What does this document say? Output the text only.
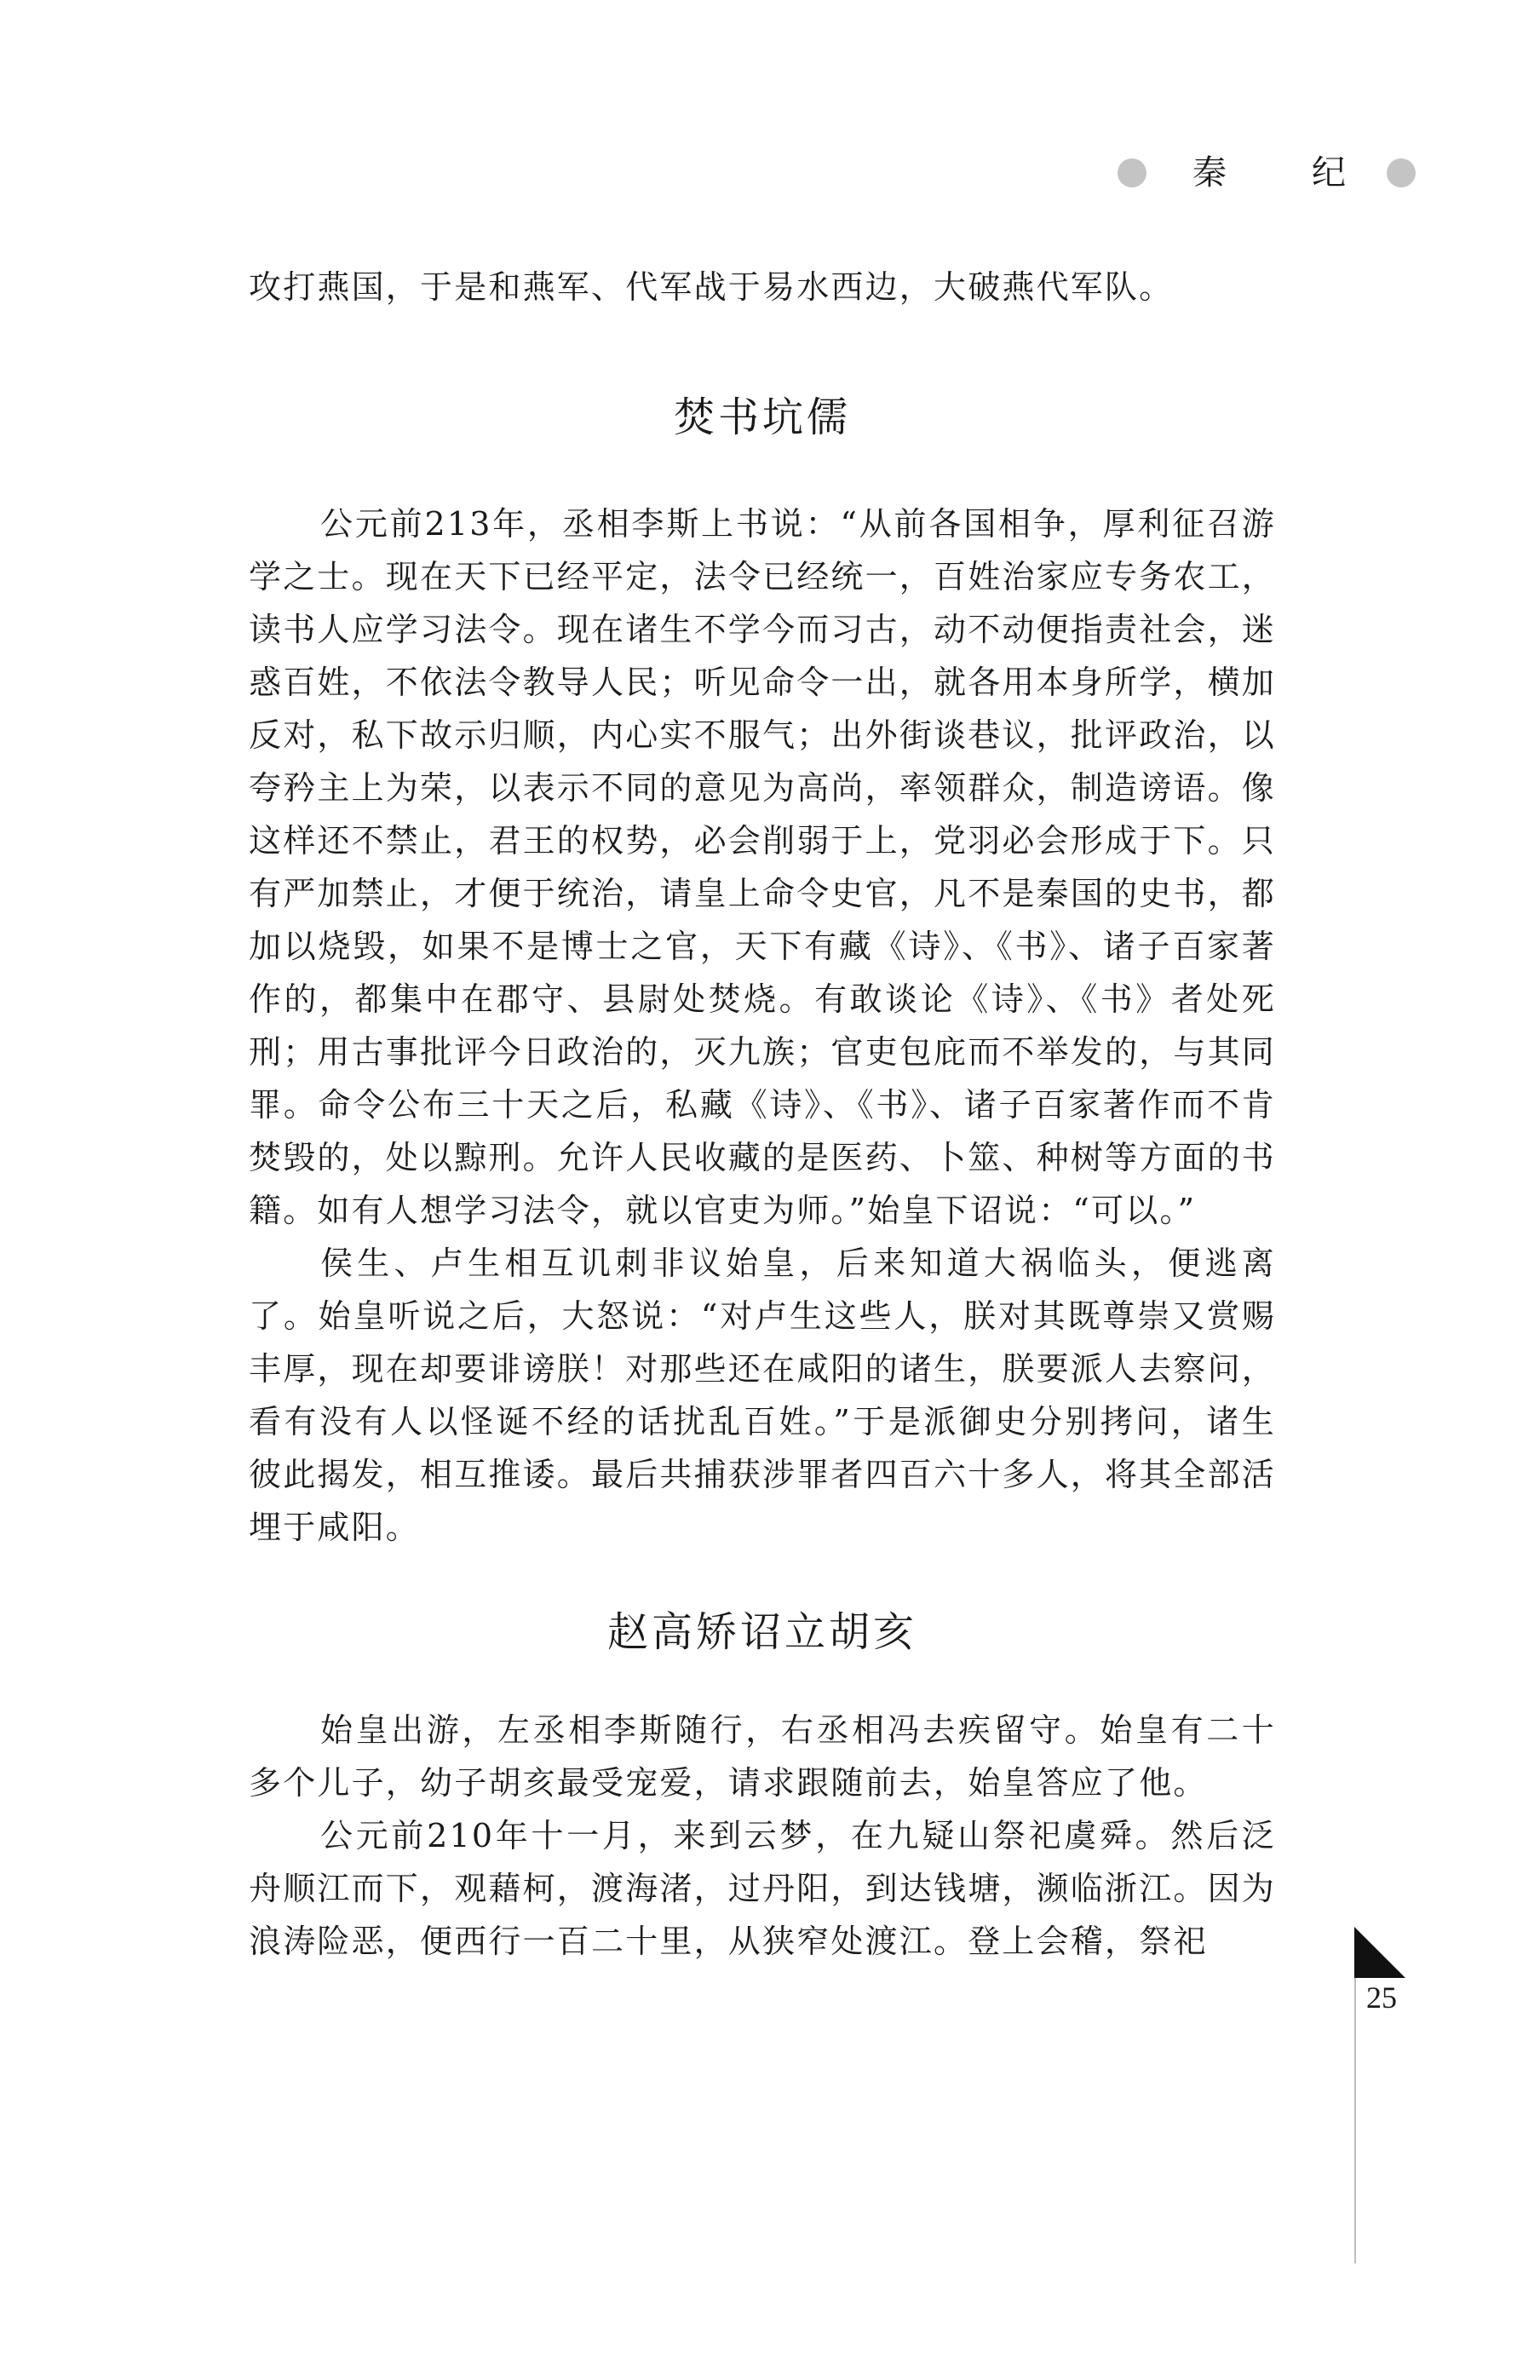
秦	纪

攻打燕国，于是和燕军、代军战于易水西边，大破燕代军队。

焚书坑儒

公元前213年，丞相李斯上书说：“从前各国相争，厚利征召游学之士。现在天下已经平定，法令已经统一，百姓治家应专务农工，读书人应学习法令。现在诸生不学今而习古，动不动便指责社会，迷惑百姓，不依法令教导人民；听见命令一出，就各用本身所学，横加反对，私下故示归顺，内心实不服气；出外街谈巷议，批评政治，以夸矜主上为荣，以表示不同的意见为高尚，率领群众，制造谤语。像这样还不禁止，君王的权势，必会削弱于上，党羽必会形成于下。只有严加禁止，才便于统治，请皇上命令史官，凡不是秦国的史书，都加以烧毁，如果不是博士之官，天下有藏《诗》、《书》、诸子百家著作的，都集中在郡守、县尉处焚烧。有敢谈论《诗》、《书》者处死刑；用古事批评今日政治的，灭九族；官吏包庇而不举发的，与其同罪。命令公布三十天之后，私藏《诗》、《书》、诸子百家著作而不肯焚毁的，处以黥刑。允许人民收藏的是医药、卜筮、种树等方面的书籍。如有人想学习法令，就以官吏为师。”始皇下诏说：“可以。”

侯生、卢生相互讥刺非议始皇，后来知道大祸临头，便逃离了。始皇听说之后，大怒说：“对卢生这些人，朕对其既尊崇又赏赐丰厚，现在却要诽谤朕！对那些还在咸阳的诸生，朕要派人去察问，看有没有人以怪诞不经的话扰乱百姓。”于是派御史分别拷问，诸生彼此揭发，相互推诿。最后共捕获涉罪者四百六十多人，将其全部活埋于咸阳。

赵高矫诏立胡亥

始皇出游，左丞相李斯随行，右丞相冯去疾留守。始皇有二十多个儿子，幼子胡亥最受宠爱，请求跟随前去，始皇答应了他。

公元前210年十一月，来到云梦，在九疑山祭祀虞舜。然后泛舟顺江而下，观藉柯，渡海渚，过丹阳，到达钱塘，濒临浙江。因为浪涛险恶，便西行一百二十里，从狭窄处渡江。登上会稽，祭祀

25
